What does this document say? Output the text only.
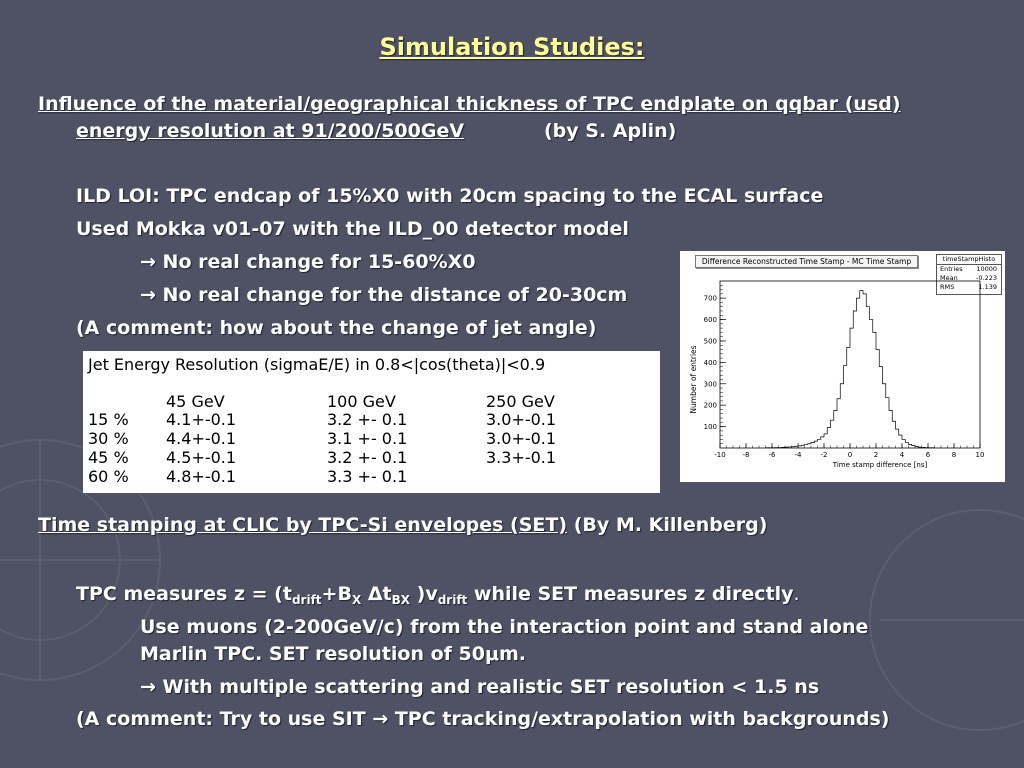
Simulation Studies:
Influence of the material/geographical thickness of TPC endplate on qqbar (usd)
energy resolution at 91/200/500GeV	(by S. Aplin)
ILD LOI: TPC endcap of 15%X0 with 20cm spacing to the ECAL surface
Used Mokka v01-07 with the ILD_00 detector model
→ No real change for 15-60%X0
→ No real change for the distance of 20-30cm
(A comment: how about the change of jet angle)
Jet Energy Resolution (sigmaE/E) in 0.8<|cos(theta)|<0.9
45 GeV	100 GeV	250 GeV
15 % 4.1+-0.1	3.2 +- 0.1	3.0+-0.1
30 % 4.4+-0.1	3.1 +- 0.1	3.0+-0.1
45 % 4.5+-0.1	3.2 +- 0.1	3.3+-0.1
60 % 4.8+-0.1	3.3 +- 0.1
Difference Reconstructed Time Stamp - MC Time Stamp	timeStampHisto
Entries 10000
Mean	-0.223
RMS	1.139
-10 -8	-6	-4	-2	0	2	4	6	8	10
100
200
300
400
500
600
700
Time stamp difference [ns]
Number of entries
Time stamping at CLIC by TPC-Si envelopes (SET) (By M. Killenberg)
TPC measures $z = (t_{drift}+B_X$ $\Delta t_{BX}$ )$v_{drift}$ while SET measures z directly.
Use muons (2-200GeV/c) from the interaction point and stand alone
Marlin TPC. SET resolution of 50μm.
→ With multiple scattering and realistic SET resolution < 1.5 ns
(A comment: Try to use SIT → TPC tracking/extrapolation with backgrounds)
